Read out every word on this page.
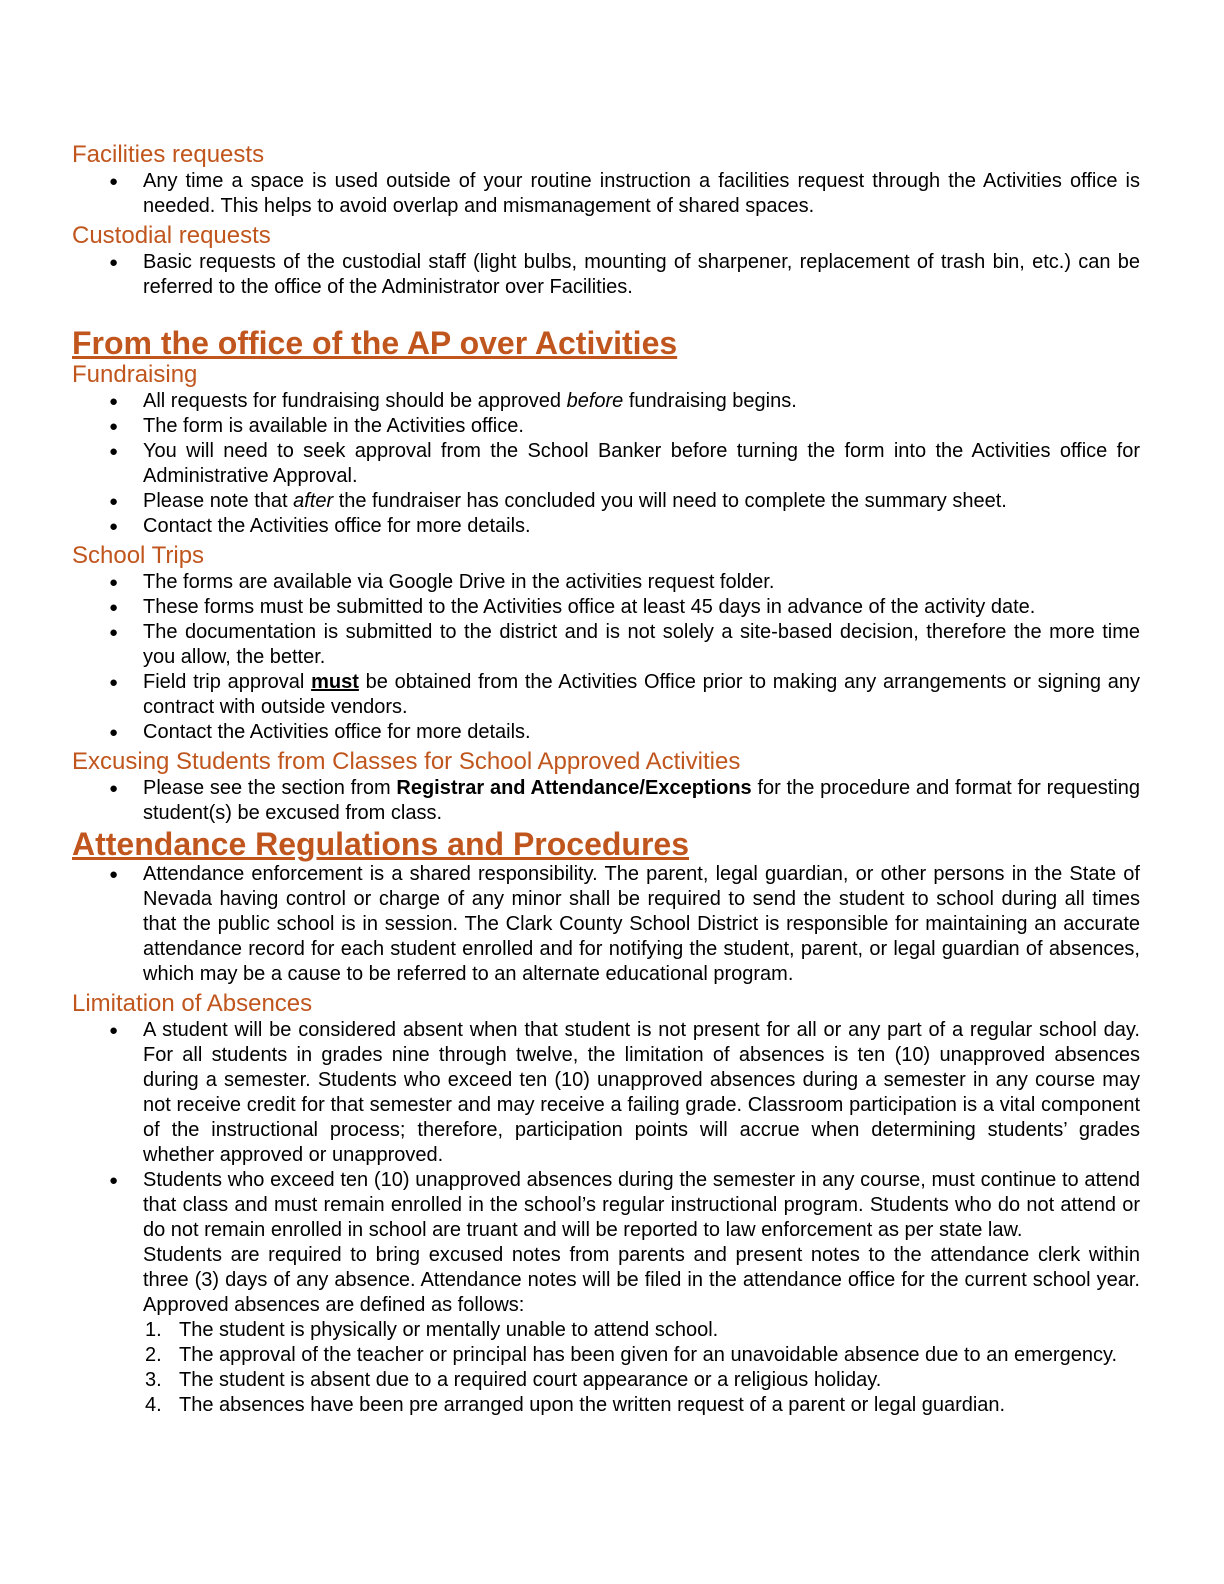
Facilities requests
● Any time a space is used outside of your routine instruction a facilities request through the Activities office is needed. This helps to avoid overlap and mismanagement of shared spaces.
Custodial requests
● Basic requests of the custodial staff (light bulbs, mounting of sharpener, replacement of trash bin, etc.) can be referred to the office of the Administrator over Facilities.
From the office of the AP over Activities
Fundraising
● All requests for fundraising should be approved before fundraising begins.
● The form is available in the Activities office.
● You will need to seek approval from the School Banker before turning the form into the Activities office for Administrative Approval.
● Please note that after the fundraiser has concluded you will need to complete the summary sheet.
● Contact the Activities office for more details.
School Trips
● The forms are available via Google Drive in the activities request folder.
● These forms must be submitted to the Activities office at least 45 days in advance of the activity date.
● The documentation is submitted to the district and is not solely a site-based decision, therefore the more time you allow, the better.
● Field trip approval must be obtained from the Activities Office prior to making any arrangements or signing any contract with outside vendors.
● Contact the Activities office for more details.
Excusing Students from Classes for School Approved Activities
● Please see the section from Registrar and Attendance/Exceptions for the procedure and format for requesting student(s) be excused from class.
Attendance Regulations and Procedures
● Attendance enforcement is a shared responsibility. The parent, legal guardian, or other persons in the State of Nevada having control or charge of any minor shall be required to send the student to school during all times that the public school is in session. The Clark County School District is responsible for maintaining an accurate attendance record for each student enrolled and for notifying the student, parent, or legal guardian of absences, which may be a cause to be referred to an alternate educational program.
Limitation of Absences
● A student will be considered absent when that student is not present for all or any part of a regular school day. For all students in grades nine through twelve, the limitation of absences is ten (10) unapproved absences during a semester. Students who exceed ten (10) unapproved absences during a semester in any course may not receive credit for that semester and may receive a failing grade. Classroom participation is a vital component of the instructional process; therefore, participation points will accrue when determining students’ grades whether approved or unapproved.
● Students who exceed ten (10) unapproved absences during the semester in any course, must continue to attend that class and must remain enrolled in the school’s regular instructional program. Students who do not attend or do not remain enrolled in school are truant and will be reported to law enforcement as per state law.
Students are required to bring excused notes from parents and present notes to the attendance clerk within three (3) days of any absence. Attendance notes will be filed in the attendance office for the current school year. Approved absences are defined as follows:
1. The student is physically or mentally unable to attend school.
2. The approval of the teacher or principal has been given for an unavoidable absence due to an emergency.
3. The student is absent due to a required court appearance or a religious holiday.
4. The absences have been pre arranged upon the written request of a parent or legal guardian.
